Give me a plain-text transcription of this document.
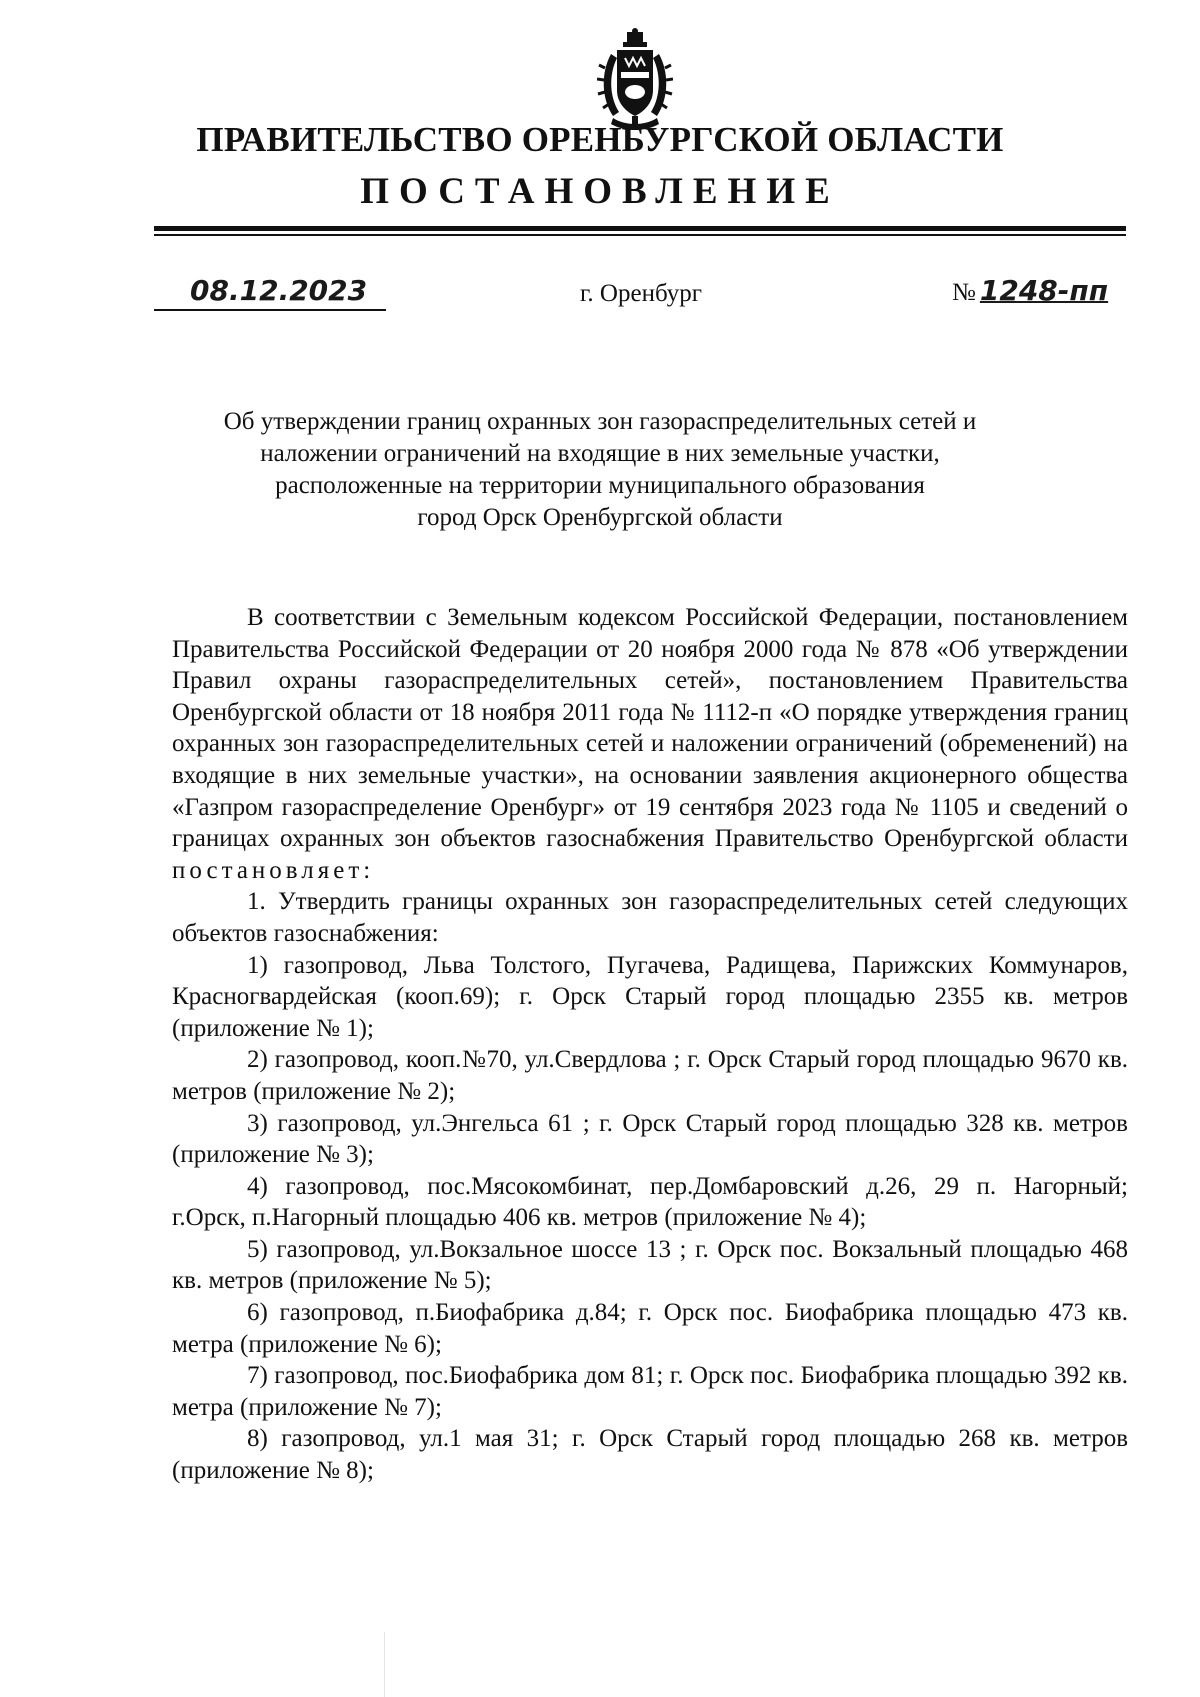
ПРАВИТЕЛЬСТВО ОРЕНБУРГСКОЙ ОБЛАСТИ
ПОСТАНОВЛЕНИЕ
08.12.2023	г. Оренбург	№ 1248-пп
Об утверждении границ охранных зон газораспределительных сетей и
наложении ограничений на входящие в них земельные участки,
расположенные на территории муниципального образования
город Орск Оренбургской области

В соответствии с Земельным кодексом Российской Федерации, постановлением Правительства Российской Федерации от 20 ноября 2000 года № 878 «Об утверждении Правил охраны газораспределительных сетей», постановлением Правительства Оренбургской области от 18 ноября 2011 года № 1112-п «О порядке утверждения границ охранных зон газораспределительных сетей и наложении ограничений (обременений) на входящие в них земельные участки», на основании заявления акционерного общества «Газпром газораспределение Оренбург» от 19 сентября 2023 года № 1105 и сведений о границах охранных зон объектов газоснабжения Правительство Оренбургской области постановляет:

1. Утвердить границы охранных зон газораспределительных сетей следующих объектов газоснабжения:

1) газопровод, Льва Толстого, Пугачева, Радищева, Парижских Коммунаров, Красногвардейская (кооп.69); г. Орск Старый город площадью 2355 кв. метров (приложение № 1);

2) газопровод, кооп.№70, ул.Свердлова ; г. Орск Старый город площадью 9670 кв. метров (приложение № 2);

3) газопровод, ул.Энгельса 61 ; г. Орск Старый город площадью 328 кв. метров (приложение № 3);

4) газопровод, пос.Мясокомбинат, пер.Домбаровский д.26, 29 п. Нагорный; г.Орск, п.Нагорный площадью 406 кв. метров (приложение № 4);

5) газопровод, ул.Вокзальное шоссе 13 ; г. Орск пос. Вокзальный площадью 468 кв. метров (приложение № 5);

6) газопровод, п.Биофабрика д.84; г. Орск пос. Биофабрика площадью 473 кв. метра (приложение № 6);

7) газопровод, пос.Биофабрика дом 81; г. Орск пос. Биофабрика площадью 392 кв. метра (приложение № 7);

8) газопровод, ул.1 мая 31; г. Орск Старый город площадью 268 кв. метров (приложение № 8);
